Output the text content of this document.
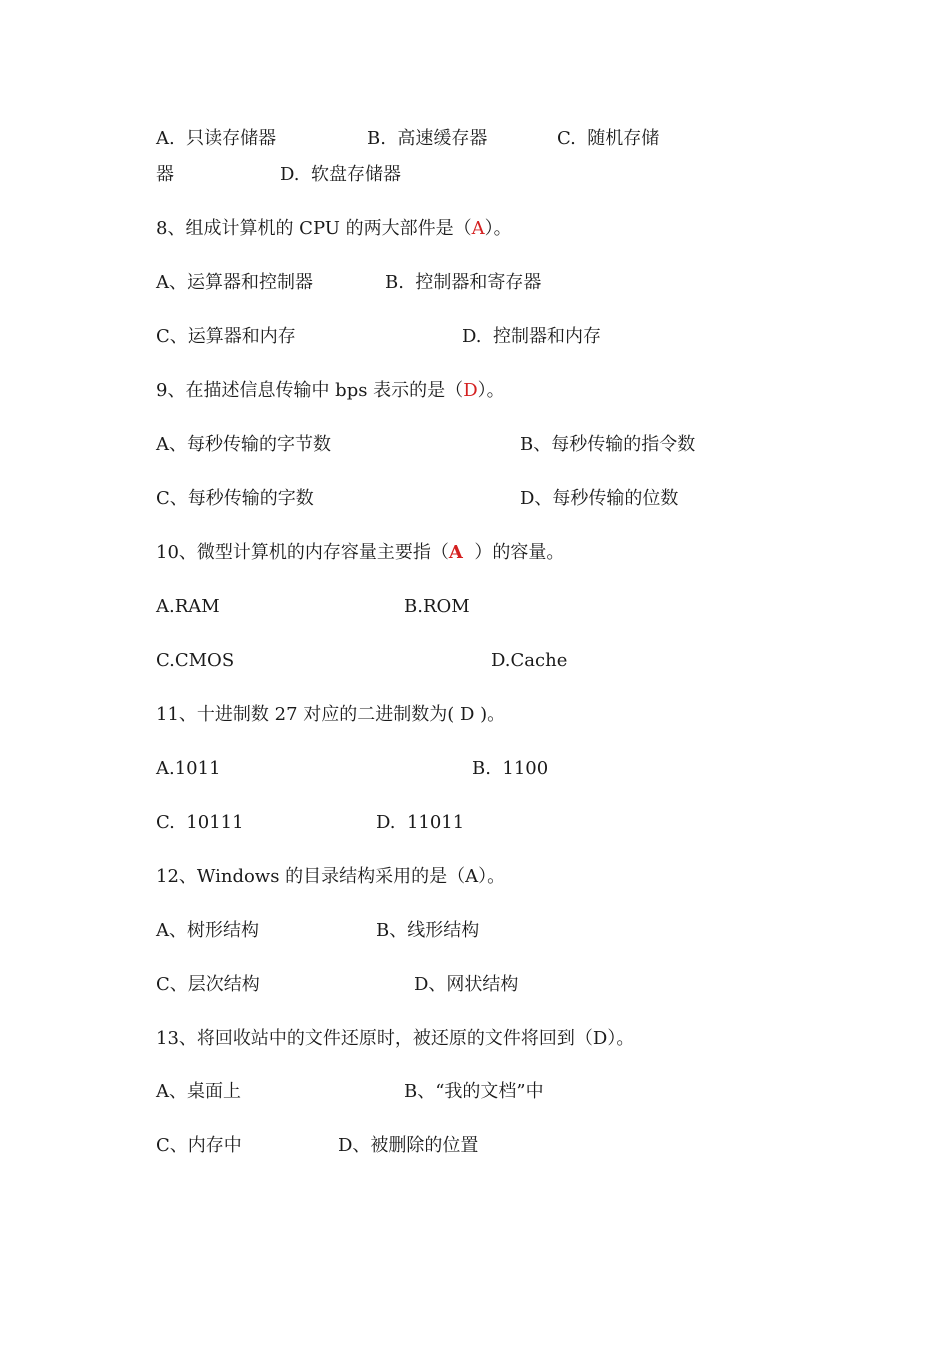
A.  只读存储器	B.  高速缓存器	C.  随机存储
器	D.  软盘存储器
8、组成计算机的 CPU 的两大部件是（A）。
A、运算器和控制器	B.  控制器和寄存器
C、运算器和内存	D.  控制器和内存
9、在描述信息传输中 bps 表示的是（D）。
A、每秒传输的字节数	B、每秒传输的指令数
C、每秒传输的字数	D、每秒传输的位数
10、微型计算机的内存容量主要指（A  ）的容量。
A.RAM	B.ROM
C.CMOS	D.Cache
11、十进制数 27 对应的二进制数为( D )。
A.1011	B.  1100
C.  10111	D.  11011
12、Windows 的目录结构采用的是（A）。
A、树形结构	B、线形结构
C、层次结构	D、网状结构
13、将回收站中的文件还原时，被还原的文件将回到（D）。
A、桌面上	B、“我的文档”中
C、内存中	D、被删除的位置
